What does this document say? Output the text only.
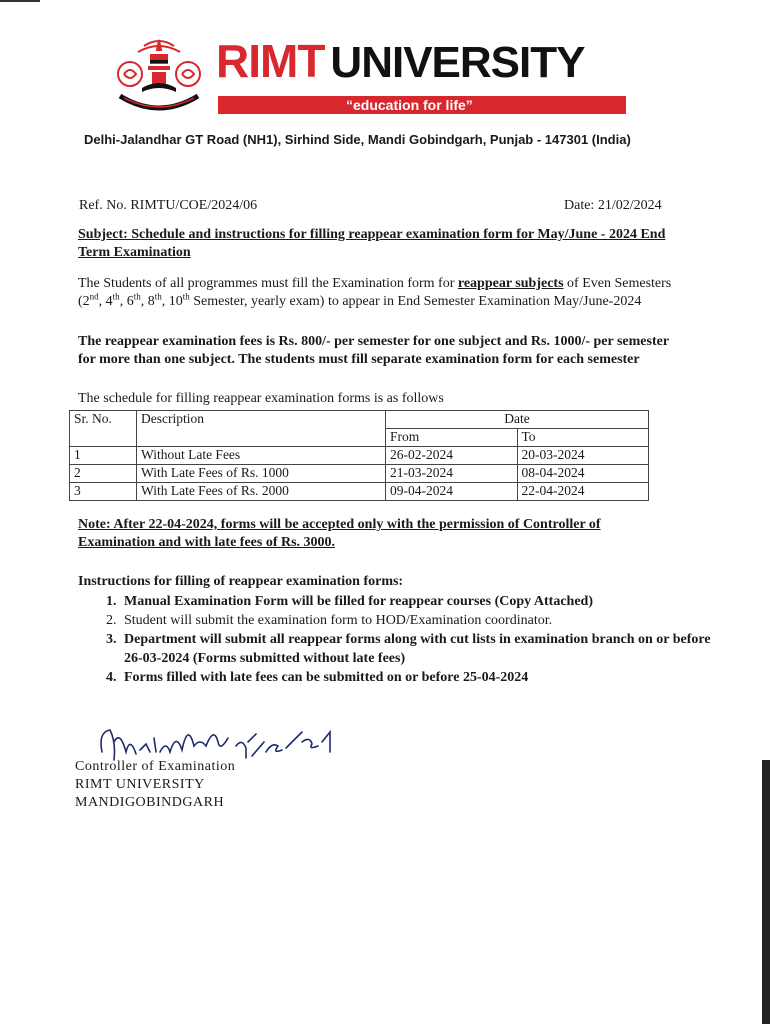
RIMT UNIVERSITY
“education for life”
Delhi-Jalandhar GT Road (NH1), Sirhind Side, Mandi Gobindgarh, Punjab - 147301 (India)
Ref. No. RIMTU/COE/2024/06	Date: 21/02/2024
Subject: Schedule and instructions for filling reappear examination form for May/June - 2024 End Term Examination
The Students of all programmes must fill the Examination form for reappear subjects of Even Semesters (2nd, 4th, 6th, 8th, 10th Semester, yearly exam) to appear in End Semester Examination May/June-2024
The reappear examination fees is Rs. 800/- per semester for one subject and Rs. 1000/- per semester for more than one subject. The students must fill separate examination form for each semester
The schedule for filling reappear examination forms is as follows
Sr. No.	Description	Date	
		From	To
1	Without Late Fees	26-02-2024	20-03-2024
2	With Late Fees of Rs. 1000	21-03-2024	08-04-2024
3	With Late Fees of Rs. 2000	09-04-2024	22-04-2024
Note: After 22-04-2024, forms will be accepted only with the permission of Controller of Examination and with late fees of Rs. 3000.
Instructions for filling of reappear examination forms:
1. Manual Examination Form will be filled for reappear courses (Copy Attached)
2. Student will submit the examination form to HOD/Examination coordinator.
3. Department will submit all reappear forms along with cut lists in examination branch on or before 26-03-2024 (Forms submitted without late fees)
4. Forms filled with late fees can be submitted on or before 25-04-2024
Controller of Examination
RIMT UNIVERSITY
MANDIGOBINDGARH
